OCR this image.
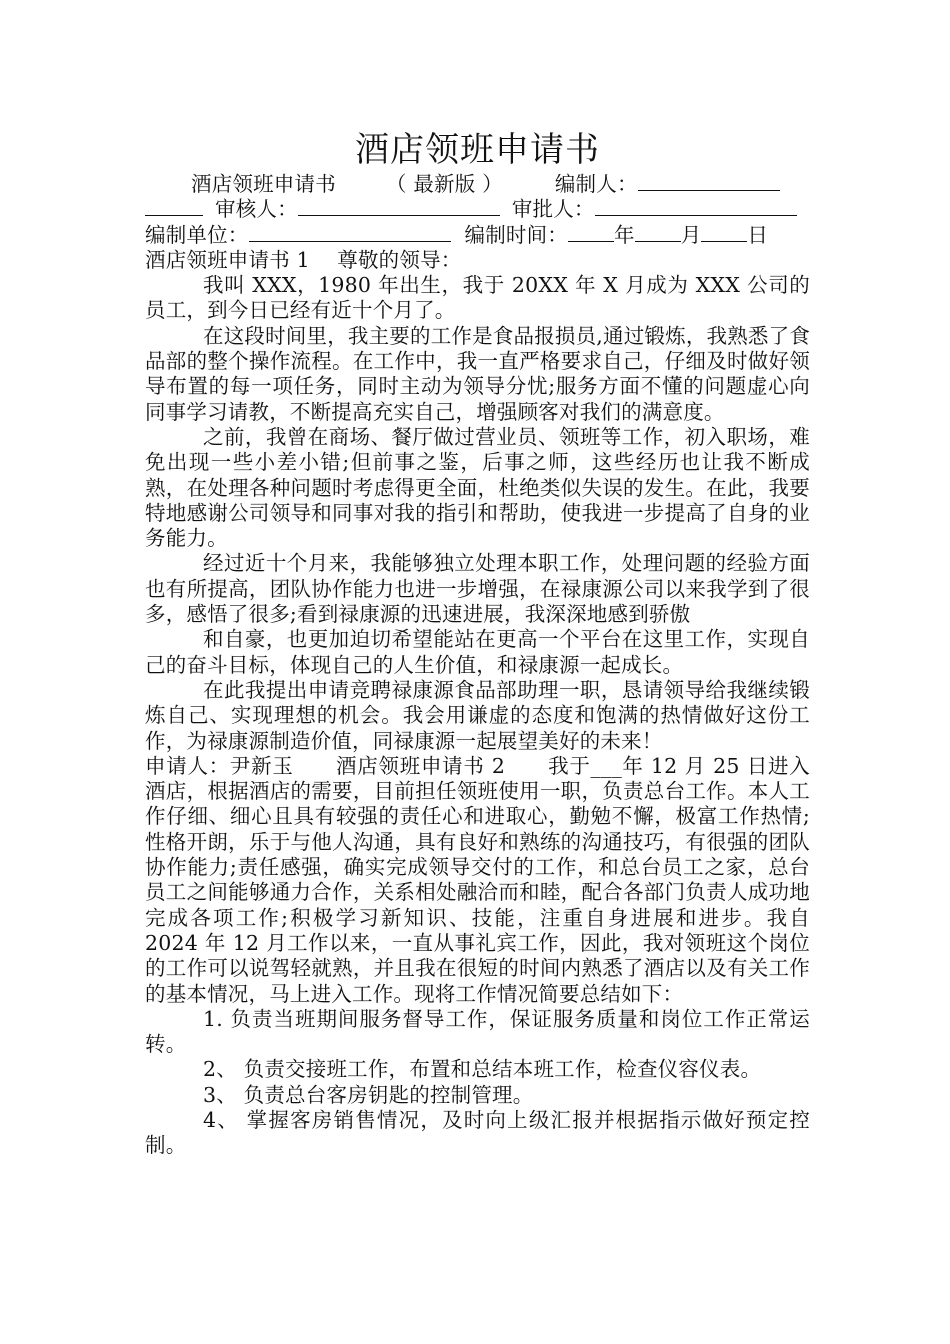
酒店领班申请书
酒店领班申请书 （ 最新版 ）	编制人：
审核人：	审批人：
编制单位：	编制时间： 年 月 日

酒店领班申请书 1　 尊敬的领导：

我叫 XXX，1980 年出生，我于 20XX 年 X 月成为 XXX 公司的员工，到今日已经有近十个月了。

在这段时间里，我主要的工作是食品报损员,通过锻炼，我熟悉了食品部的整个操作流程。在工作中，我一直严格要求自己，仔细及时做好领导布置的每一项任务，同时主动为领导分忧;服务方面不懂的问题虚心向同事学习请教，不断提高充实自己，增强顾客对我们的满意度。

之前，我曾在商场、餐厅做过营业员、领班等工作，初入职场，难免出现一些小差小错;但前事之鉴，后事之师，这些经历也让我不断成熟，在处理各种问题时考虑得更全面，杜绝类似失误的发生。在此，我要特地感谢公司领导和同事对我的指引和帮助，使我进一步提高了自身的业务能力。

经过近十个月来，我能够独立处理本职工作，处理问题的经验方面也有所提高，团队协作能力也进一步增强，在禄康源公司以来我学到了很多，感悟了很多;看到禄康源的迅速进展，我深深地感到骄傲

和自豪，也更加迫切希望能站在更高一个平台在这里工作，实现自己的奋斗目标，体现自己的人生价值，和禄康源一起成长。

在此我提出申请竞聘禄康源食品部助理一职，恳请领导给我继续锻炼自己、实现理想的机会。我会用谦虚的态度和饱满的热情做好这份工作，为禄康源制造价值，同禄康源一起展望美好的未来！

申请人：尹新玉　　酒店领班申请书 2　　我于___年 12 月 25 日进入酒店，根据酒店的需要，目前担任领班使用一职，负责总台工作。本人工作仔细、细心且具有较强的责任心和进取心，勤勉不懈，极富工作热情;性格开朗，乐于与他人沟通，具有良好和熟练的沟通技巧，有很强的团队协作能力;责任感强，确实完成领导交付的工作，和总台员工之家，总台员工之间能够通力合作，关系相处融洽而和睦，配合各部门负责人成功地完成各项工作;积极学习新知识、技能，注重自身进展和进步。我自 2024 年 12 月工作以来，一直从事礼宾工作，因此，我对领班这个岗位的工作可以说驾轻就熟，并且我在很短的时间内熟悉了酒店以及有关工作的基本情况，马上进入工作。现将工作情况简要总结如下：

1. 负责当班期间服务督导工作，保证服务质量和岗位工作正常运转。

2、 负责交接班工作，布置和总结本班工作，检查仪容仪表。

3、 负责总台客房钥匙的控制管理。

4、 掌握客房销售情况，及时向上级汇报并根据指示做好预定控制。
